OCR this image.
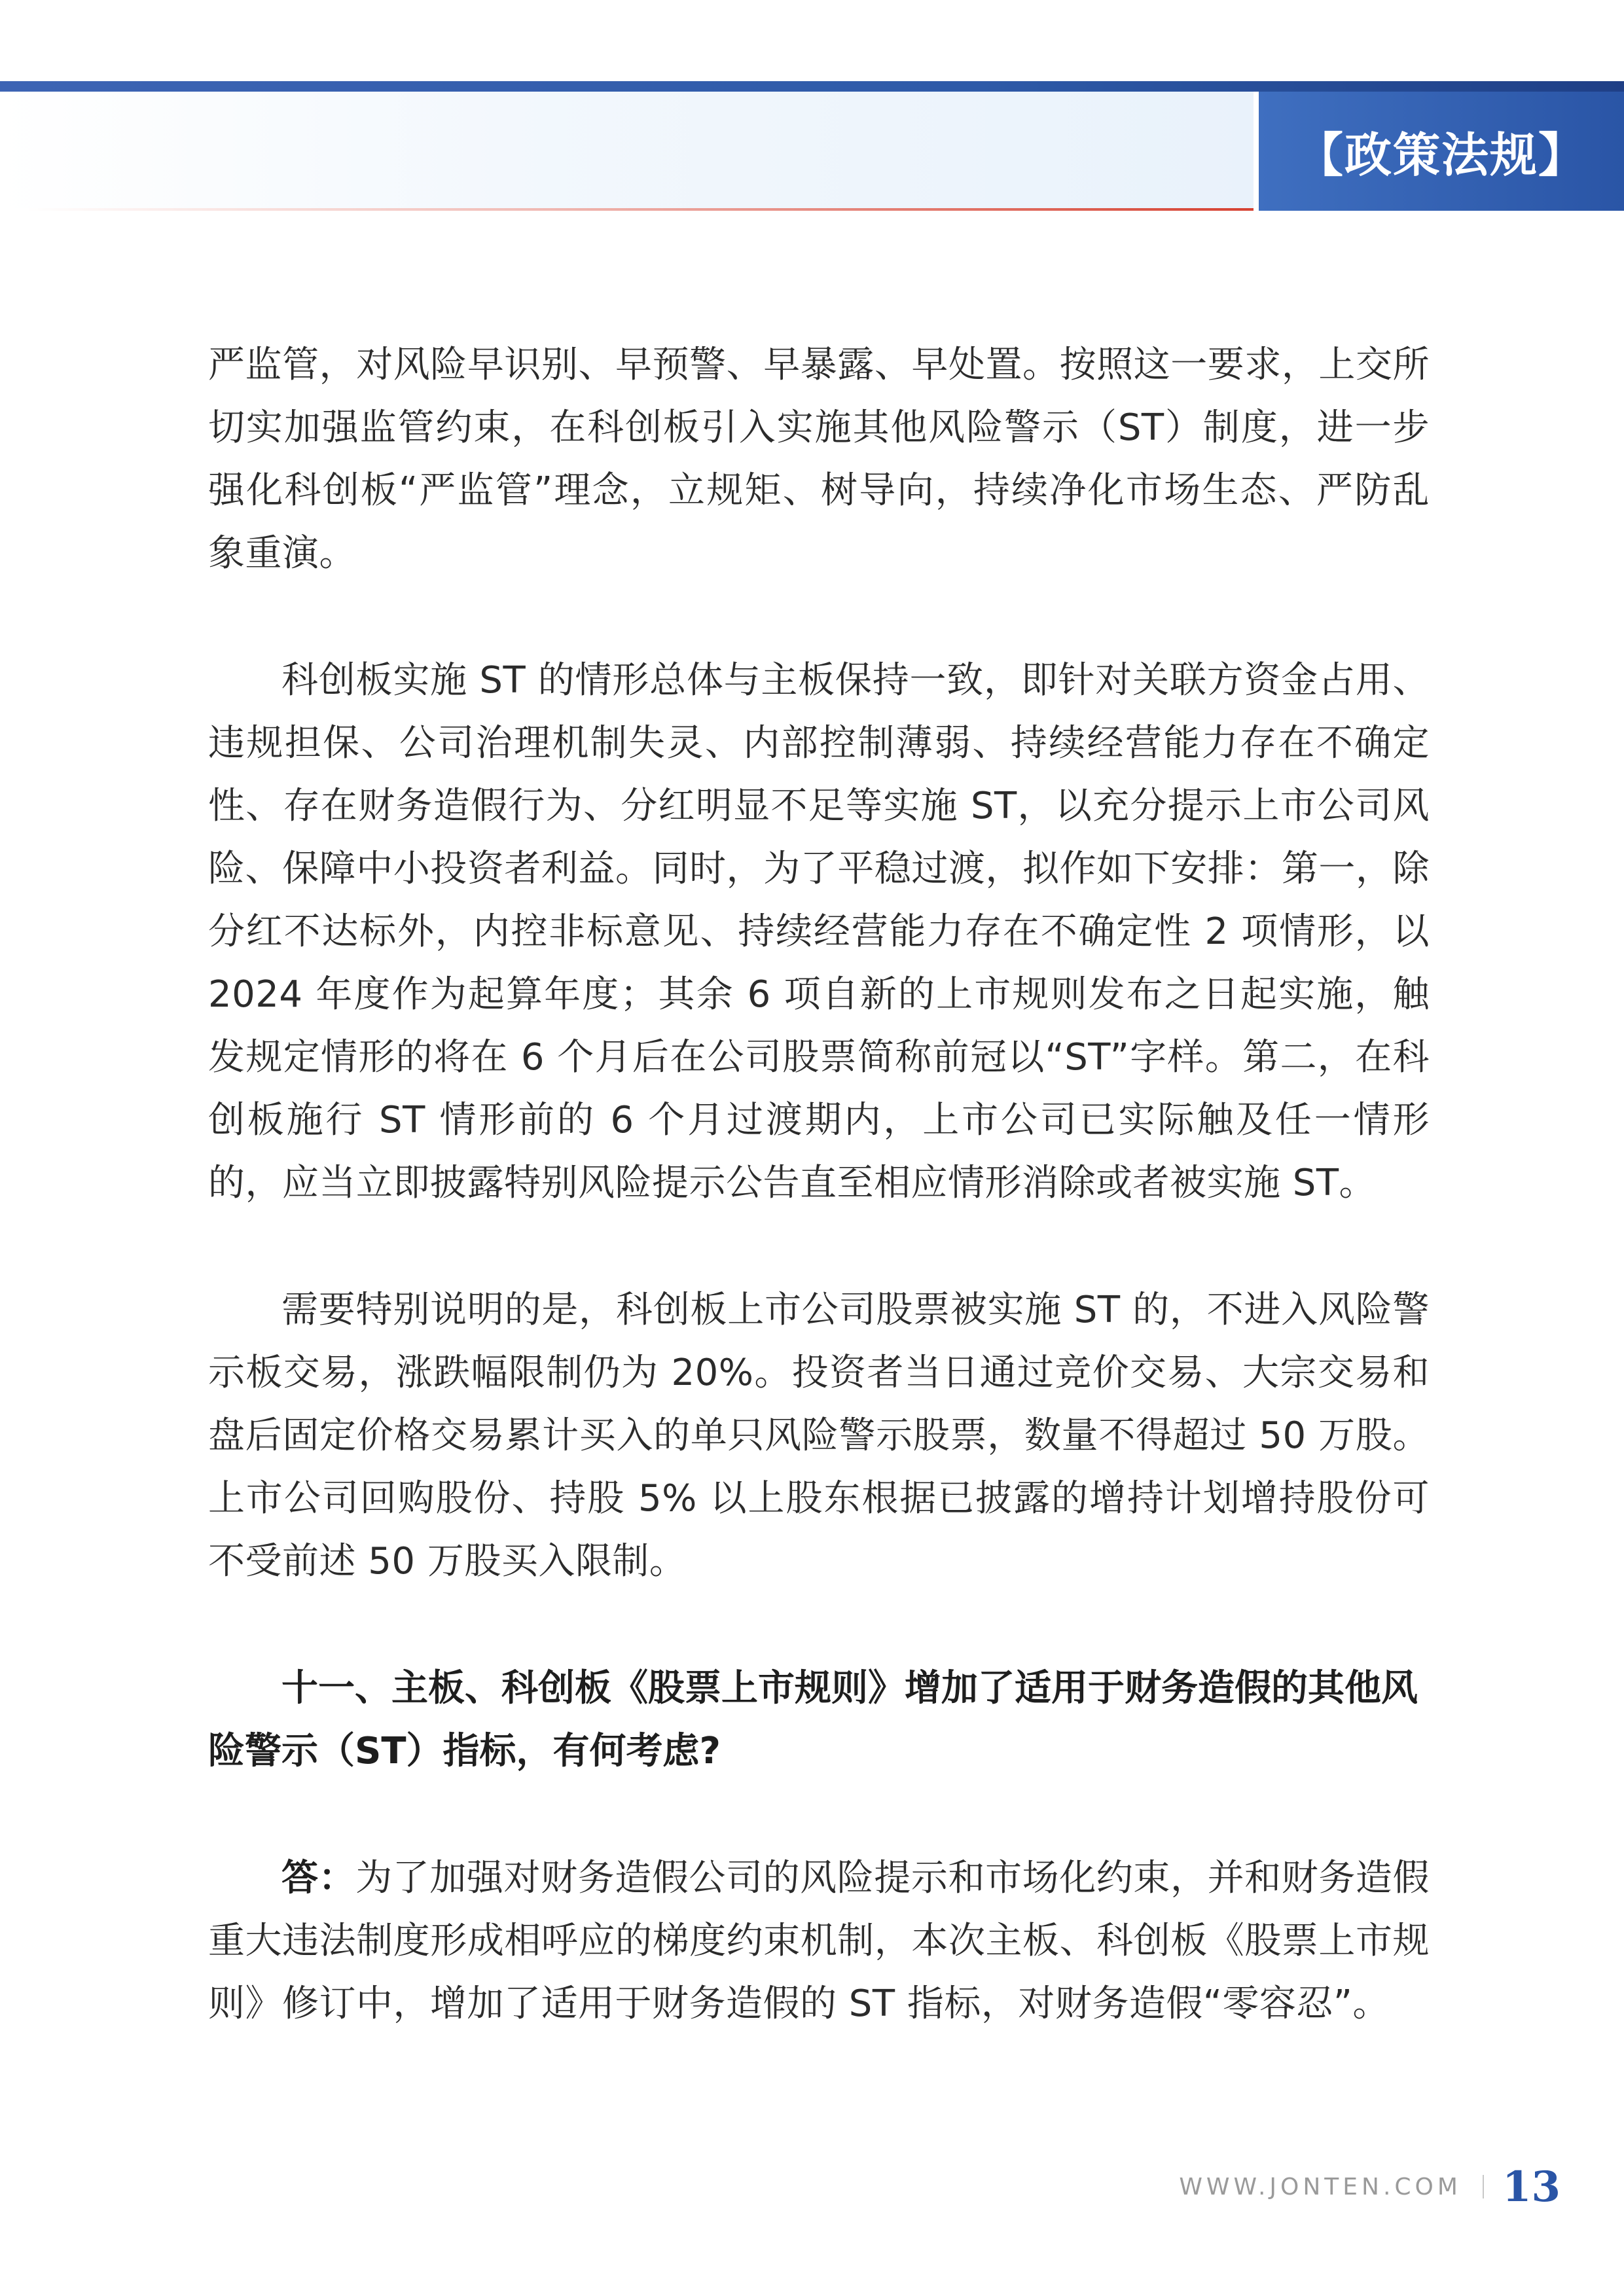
【政策法规】

严监管，对风险早识别、早预警、早暴露、早处置。按照这一要求，上交所切实加强监管约束，在科创板引入实施其他风险警示（ST）制度，进一步强化科创板“严监管”理念，立规矩、树导向，持续净化市场生态、严防乱象重演。

科创板实施 ST 的情形总体与主板保持一致，即针对关联方资金占用、违规担保、公司治理机制失灵、内部控制薄弱、持续经营能力存在不确定性、存在财务造假行为、分红明显不足等实施 ST，以充分提示上市公司风险、保障中小投资者利益。同时，为了平稳过渡，拟作如下安排：第一，除分红不达标外，内控非标意见、持续经营能力存在不确定性 2 项情形，以 2024 年度作为起算年度；其余 6 项自新的上市规则发布之日起实施，触发规定情形的将在 6 个月后在公司股票简称前冠以“ST”字样。第二，在科创板施行 ST 情形前的 6 个月过渡期内，上市公司已实际触及任一情形的，应当立即披露特别风险提示公告直至相应情形消除或者被实施 ST。

需要特别说明的是，科创板上市公司股票被实施 ST 的，不进入风险警示板交易，涨跌幅限制仍为 20%。投资者当日通过竞价交易、大宗交易和盘后固定价格交易累计买入的单只风险警示股票，数量不得超过 50 万股。上市公司回购股份、持股 5% 以上股东根据已披露的增持计划增持股份可不受前述 50 万股买入限制。

十一、主板、科创板《股票上市规则》增加了适用于财务造假的其他风险警示（ST）指标，有何考虑?

答：为了加强对财务造假公司的风险提示和市场化约束，并和财务造假重大违法制度形成相呼应的梯度约束机制，本次主板、科创板《股票上市规则》修订中，增加了适用于财务造假的 ST 指标，对财务造假“零容忍”。

WWW.JONTEN.COM 13
